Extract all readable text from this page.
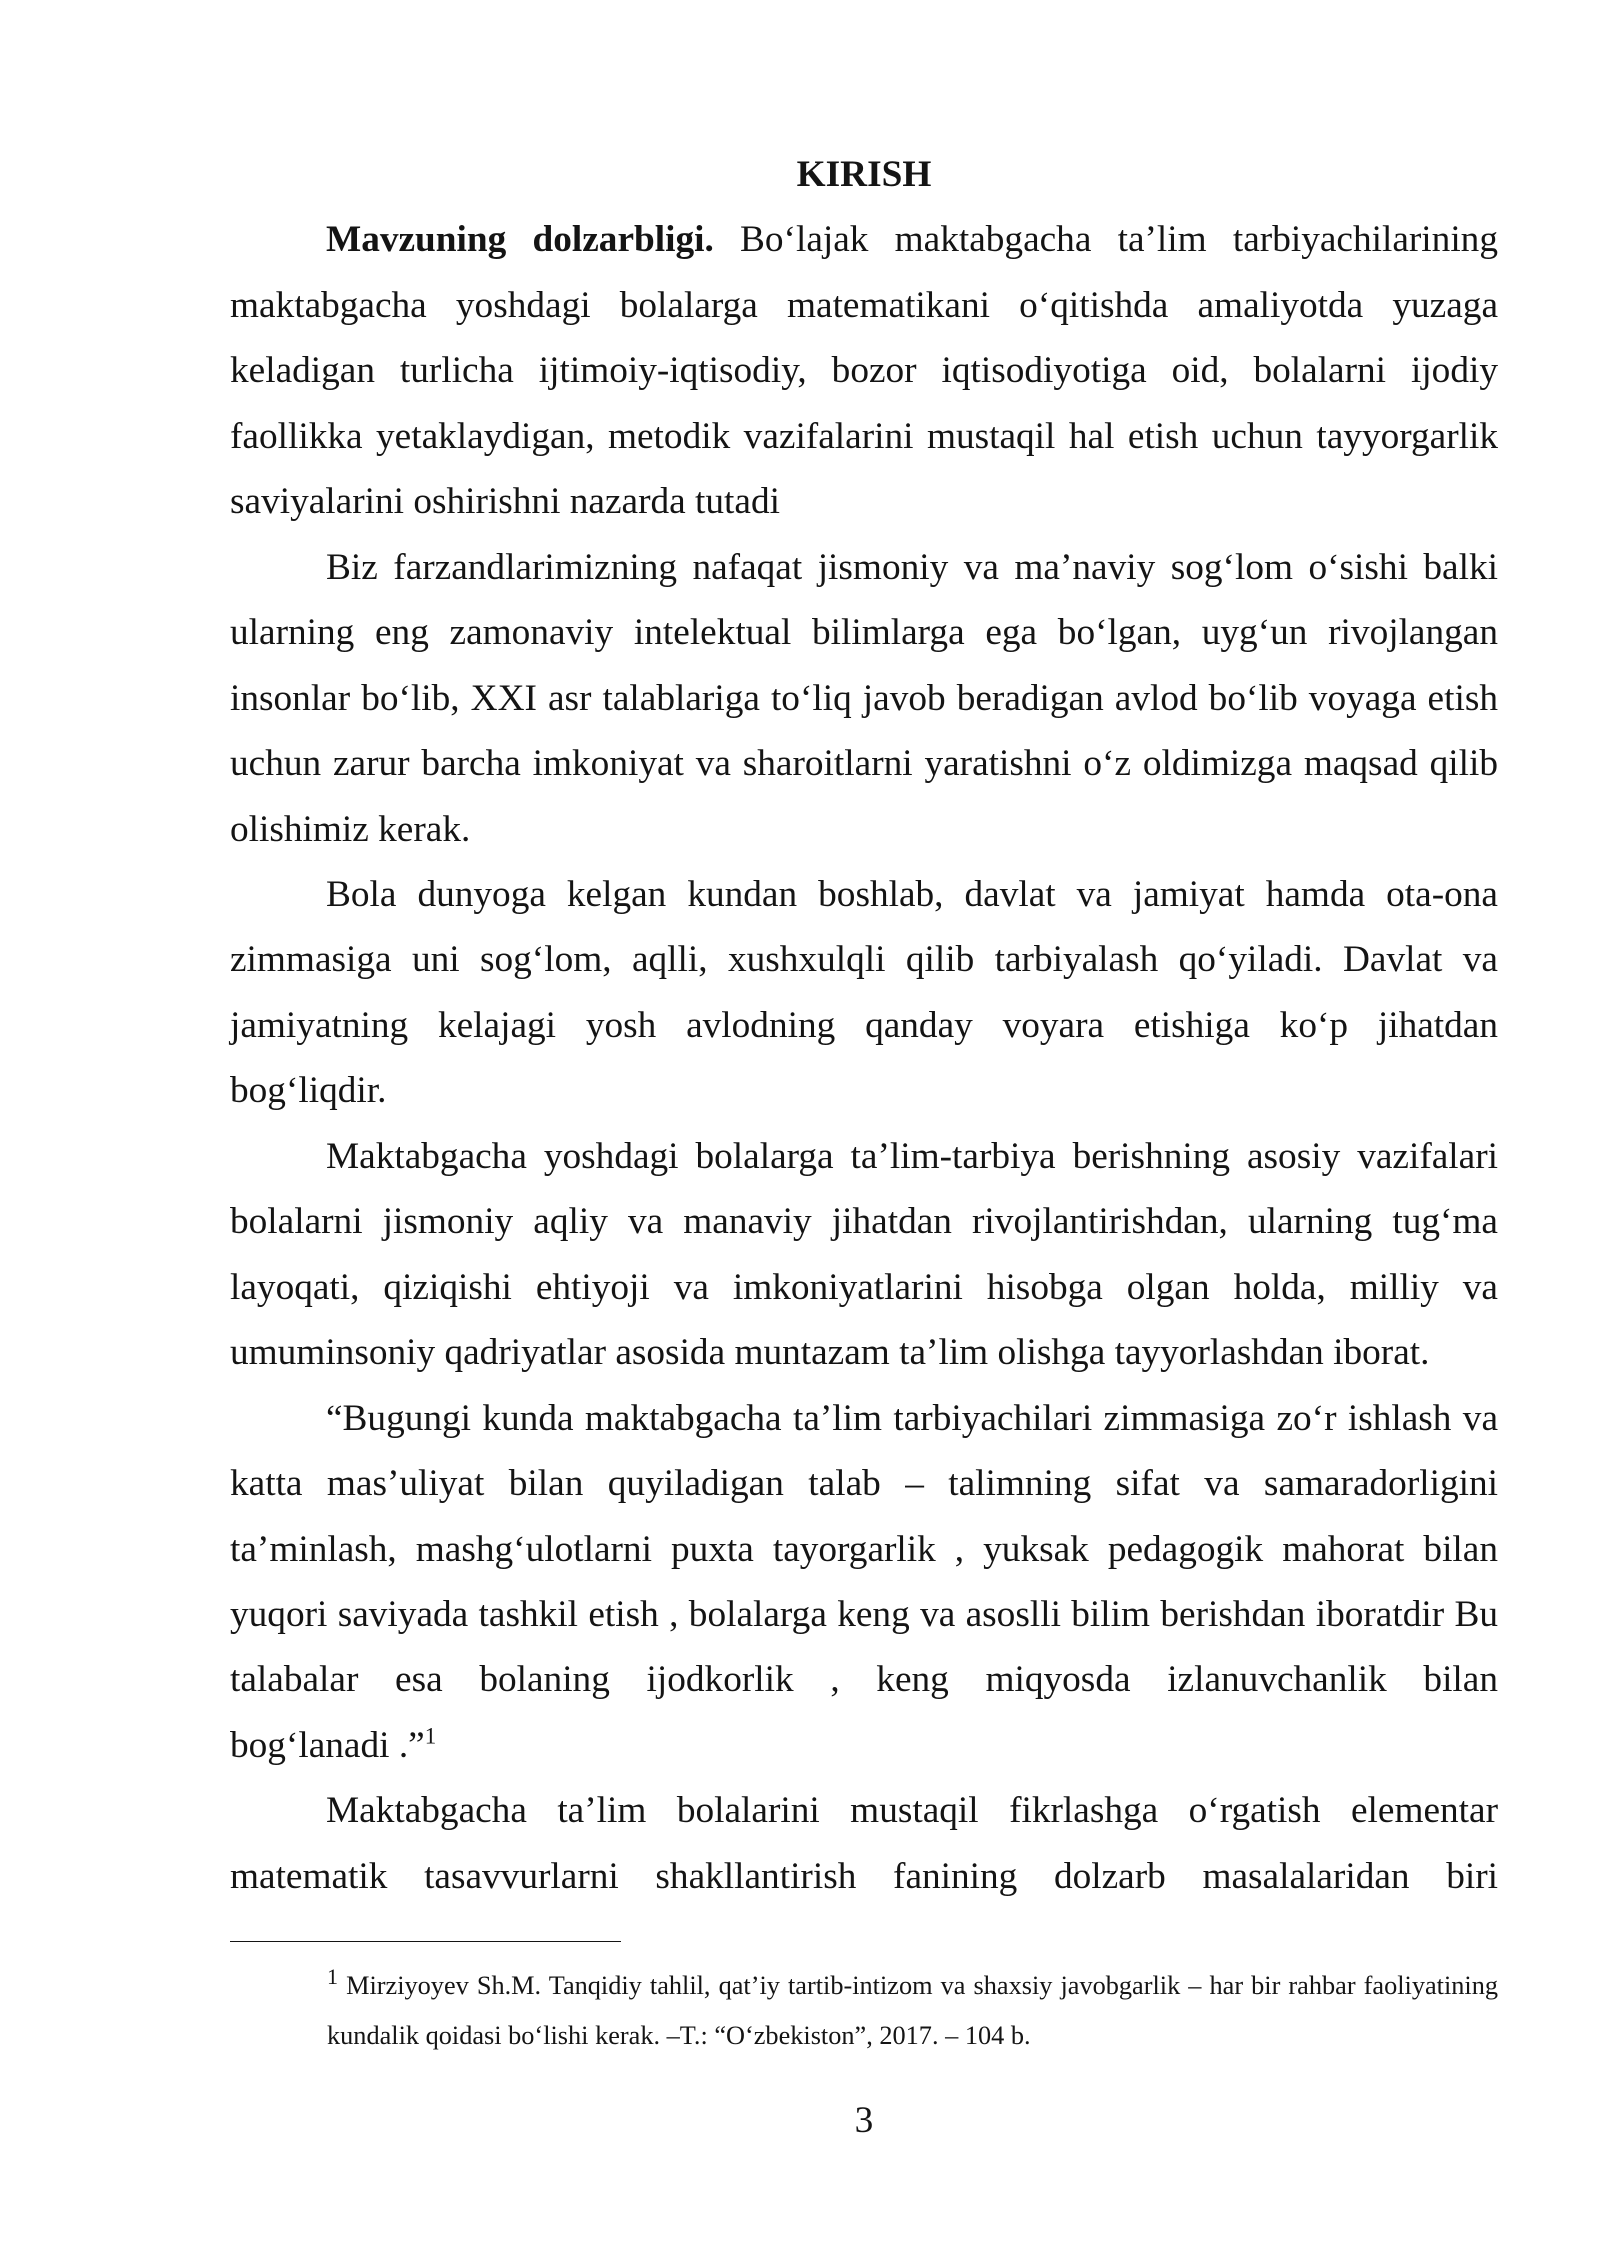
KIRISH
Mavzuning dolzarbligi. Bo‘lajak maktabgacha ta’lim tarbiyachilarining
maktabgacha yoshdagi bolalarga matematikani o‘qitishda amaliyotda yuzaga
keladigan turlicha ijtimoiy-iqtisodiy, bozor iqtisodiyotiga oid, bolalarni ijodiy
faollikka yetaklaydigan, metodik vazifalarini mustaqil hal etish uchun tayyorgarlik
saviyalarini oshirishni nazarda tutadi
Biz farzandlarimizning nafaqat jismoniy va ma’naviy sog‘lom o‘sishi balki
ularning eng zamonaviy intelektual bilimlarga ega bo‘lgan, uyg‘un rivojlangan
insonlar bo‘lib, XXI asr talablariga to‘liq javob beradigan avlod bo‘lib voyaga etish
uchun zarur barcha imkoniyat va sharoitlarni yaratishni o‘z oldimizga maqsad qilib
olishimiz kerak.
Bola dunyoga kelgan kundan boshlab, davlat va jamiyat hamda ota-ona
zimmasiga uni sog‘lom, aqlli, xushxulqli qilib tarbiyalash qo‘yiladi. Davlat va
jamiyatning kelajagi yosh avlodning qanday voyara etishiga ko‘p jihatdan
bog‘liqdir.
Maktabgacha yoshdagi bolalarga ta’lim-tarbiya berishning asosiy vazifalari
bolalarni jismoniy aqliy va manaviy jihatdan rivojlantirishdan, ularning tug‘ma
layoqati, qiziqishi ehtiyoji va imkoniyatlarini hisobga olgan holda, milliy va
umuminsoniy qadriyatlar asosida muntazam ta’lim olishga tayyorlashdan iborat.
“Bugungi kunda maktabgacha ta’lim tarbiyachilari zimmasiga zo‘r ishlash va
katta mas’uliyat bilan quyiladigan talab – talimning sifat va samaradorligini
ta’minlash, mashg‘ulotlarni puxta tayorgarlik , yuksak pedagogik mahorat bilan
yuqori saviyada tashkil etish , bolalarga keng va asoslli bilim berishdan iboratdir Bu
talabalar esa bolaning ijodkorlik , keng miqyosda izlanuvchanlik bilan
bog‘lanadi .”$^1$
Maktabgacha ta’lim bolalarini mustaqil fikrlashga o‘rgatish elementar
matematik tasavvurlarni shakllantirish fanining dolzarb masalalaridan biri
$^1$ Mirziyoyev Sh.M. Tanqidiy tahlil, qat’iy tartib-intizom va shaxsiy javobgarlik – har bir rahbar faoliyatining
kundalik qoidasi bo‘lishi kerak. –T.: “O‘zbekiston”, 2017. – 104 b.
3
